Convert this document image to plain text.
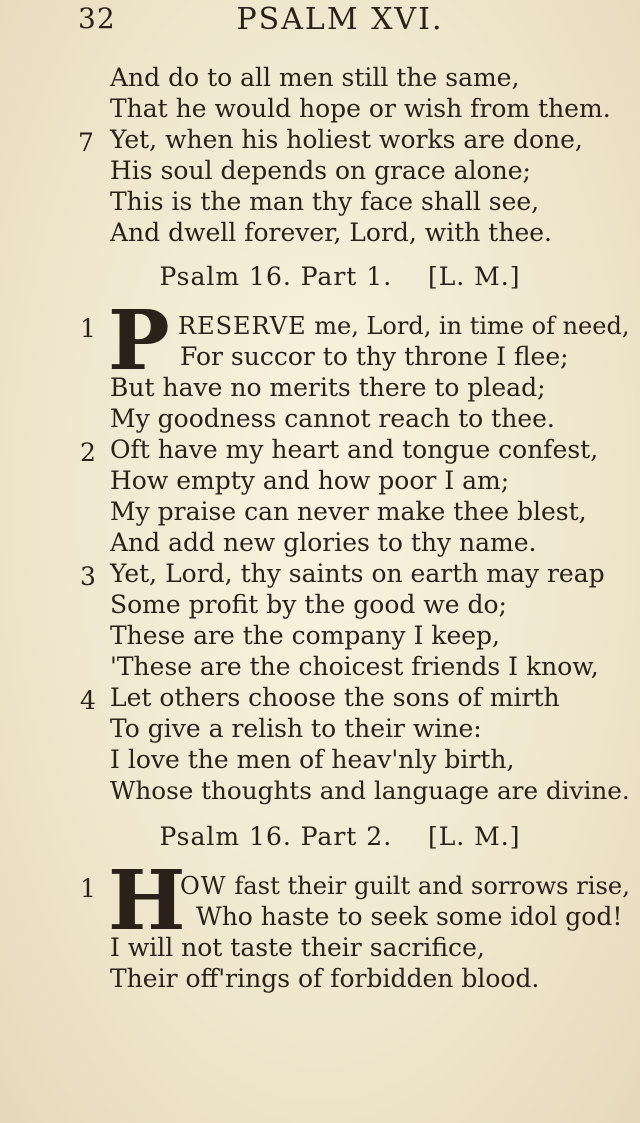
32	PSALM XVI.
And do to all men still the same,
That he would hope or wish from them.
7 Yet, when his holiest works are done,
His soul depends on grace alone;
This is the man thy face shall see,
And dwell forever, Lord, with thee.
Psalm 16. Part 1. [L. M.]
1 P RESERVE me, Lord, in time of need,
For succor to thy throne I flee;
But have no merits there to plead;
My goodness cannot reach to thee.
2 Oft have my heart and tongue confest,
How empty and how poor I am;
My praise can never make thee blest,
And add new glories to thy name.
3 Yet, Lord, thy saints on earth may reap
Some profit by the good we do;
These are the company I keep,
'These are the choicest friends I know,
4 Let others choose the sons of mirth
To give a relish to their wine:
I love the men of heav'nly birth,
Whose thoughts and language are divine.
Psalm 16. Part 2. [L. M.]
1 H
OW fast their guilt and sorrows rise,
Who haste to seek some idol god!
I will not taste their sacrifice,
Their off'rings of forbidden blood.
